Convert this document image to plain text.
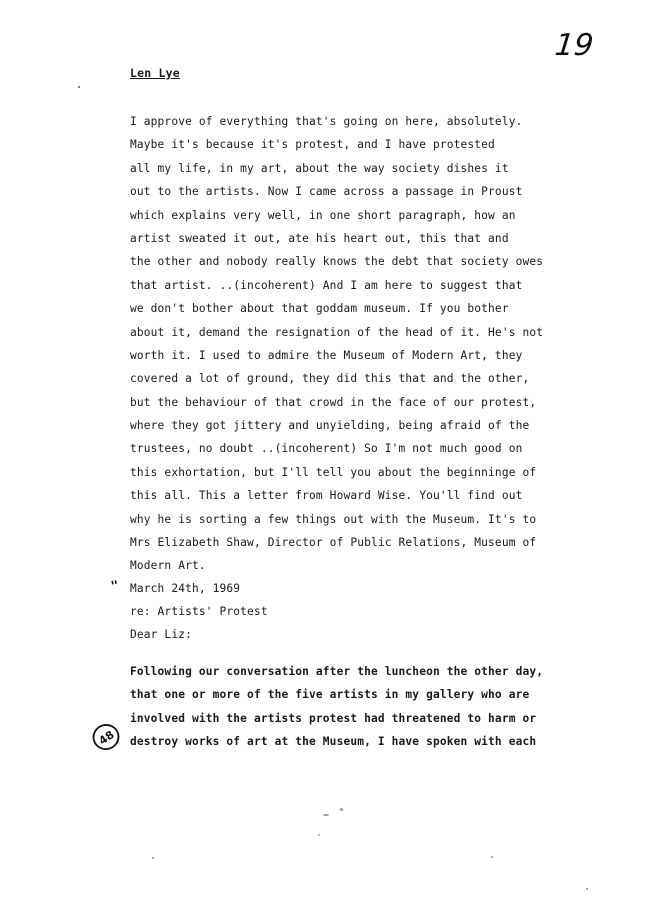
19
Len Lye
I approve of everything that's going on here, absolutely.
Maybe it's because it's protest, and I have protested
all my life, in my art, about the way society dishes it
out to the artists. Now I came across a passage in Proust
which explains very well, in one short paragraph, how an
artist sweated it out, ate his heart out, this that and
the other and nobody really knows the debt that society owes
that artist. ..(incoherent) And I am here to suggest that
we don't bother about that goddam museum. If you bother
about it, demand the resignation of the head of it. He's not
worth it. I used to admire the Museum of Modern Art, they
covered a lot of ground, they did this that and the other,
but the behaviour of that crowd in the face of our protest,
where they got jittery and unyielding, being afraid of the
trustees, no doubt ..(incoherent) So I'm not much good on
this exhortation, but I'll tell you about the beginninge of
this all. This a letter from Howard Wise. You'll find out
why he is sorting a few things out with the Museum. It's to
Mrs Elizabeth Shaw, Director of Public Relations, Museum of
Modern Art.
" March 24th, 1969
re: Artists' Protest
Dear Liz:
Following our conversation after the luncheon the other day,
that one or more of the five artists in my gallery who are
involved with the artists protest had threatened to harm or
destroy works of art at the Museum, I have spoken with each
48
